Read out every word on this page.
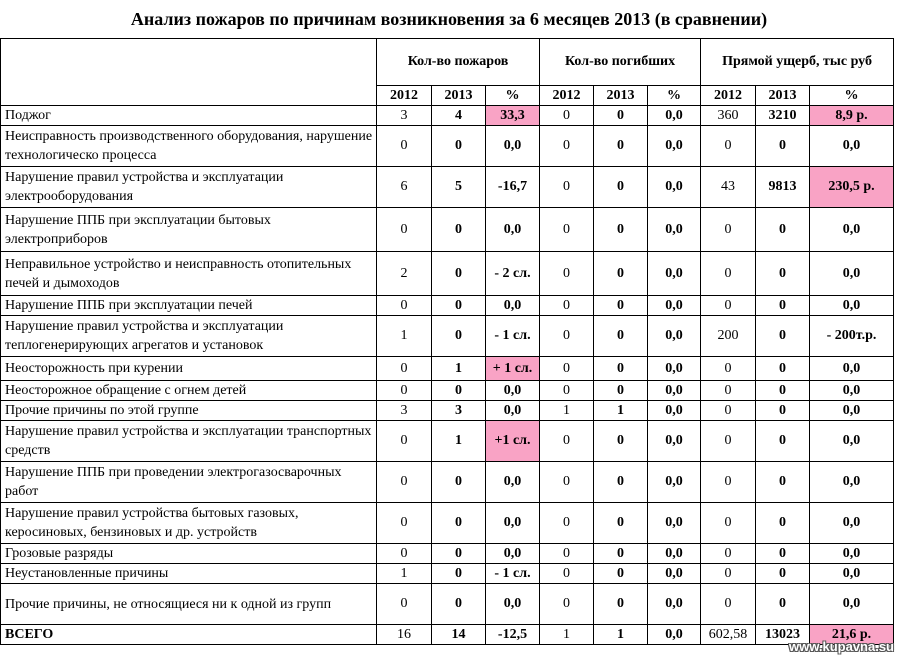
Анализ пожаров по причинам возникновения за 6 месяцев 2013 (в сравнении)
	Кол-во пожаров			Кол-во погибших			Прямой ущерб, тыс руб		
	2012	2013	%	2012	2013	%	2012	2013	%
Поджог	3	4	33,3	0	0	0,0	360	3210	8,9 р.
Неисправность производственного оборудования, нарушение технологическо процесса	0	0	0,0	0	0	0,0	0	0	0,0
Нарушение правил устройства и эксплуатации электрооборудования	6	5	-16,7	0	0	0,0	43	9813	230,5 р.
Нарушение ППБ при эксплуатации бытовых электроприборов	0	0	0,0	0	0	0,0	0	0	0,0
Неправильное устройство и неисправность отопительных печей и дымоходов	2	0	- 2 сл.	0	0	0,0	0	0	0,0
Нарушение ППБ при эксплуатации печей	0	0	0,0	0	0	0,0	0	0	0,0
Нарушение правил устройства и эксплуатации теплогенерирующих агрегатов и установок	1	0	- 1 сл.	0	0	0,0	200	0	- 200т.р.
Неосторожность при курении	0	1	+ 1 сл.	0	0	0,0	0	0	0,0
Неосторожное обращение с огнем детей	0	0	0,0	0	0	0,0	0	0	0,0
Прочие причины по этой группе	3	3	0,0	1	1	0,0	0	0	0,0
Нарушение правил устройства и эксплуатации транспортных средств	0	1	+1 сл.	0	0	0,0	0	0	0,0
Нарушение ППБ при проведении электрогазосварочных работ	0	0	0,0	0	0	0,0	0	0	0,0
Нарушение правил устройства бытовых газовых, керосиновых, бензиновых и др. устройств	0	0	0,0	0	0	0,0	0	0	0,0
Грозовые разряды	0	0	0,0	0	0	0,0	0	0	0,0
Неустановленные причины	1	0	- 1 сл.	0	0	0,0	0	0	0,0
Прочие причины, не относящиеся ни к одной из групп	0	0	0,0	0	0	0,0	0	0	0,0
ВСЕГО	16	14	-12,5	1	1	0,0	602,58	13023	21,6 р.
www.kupavna.su
